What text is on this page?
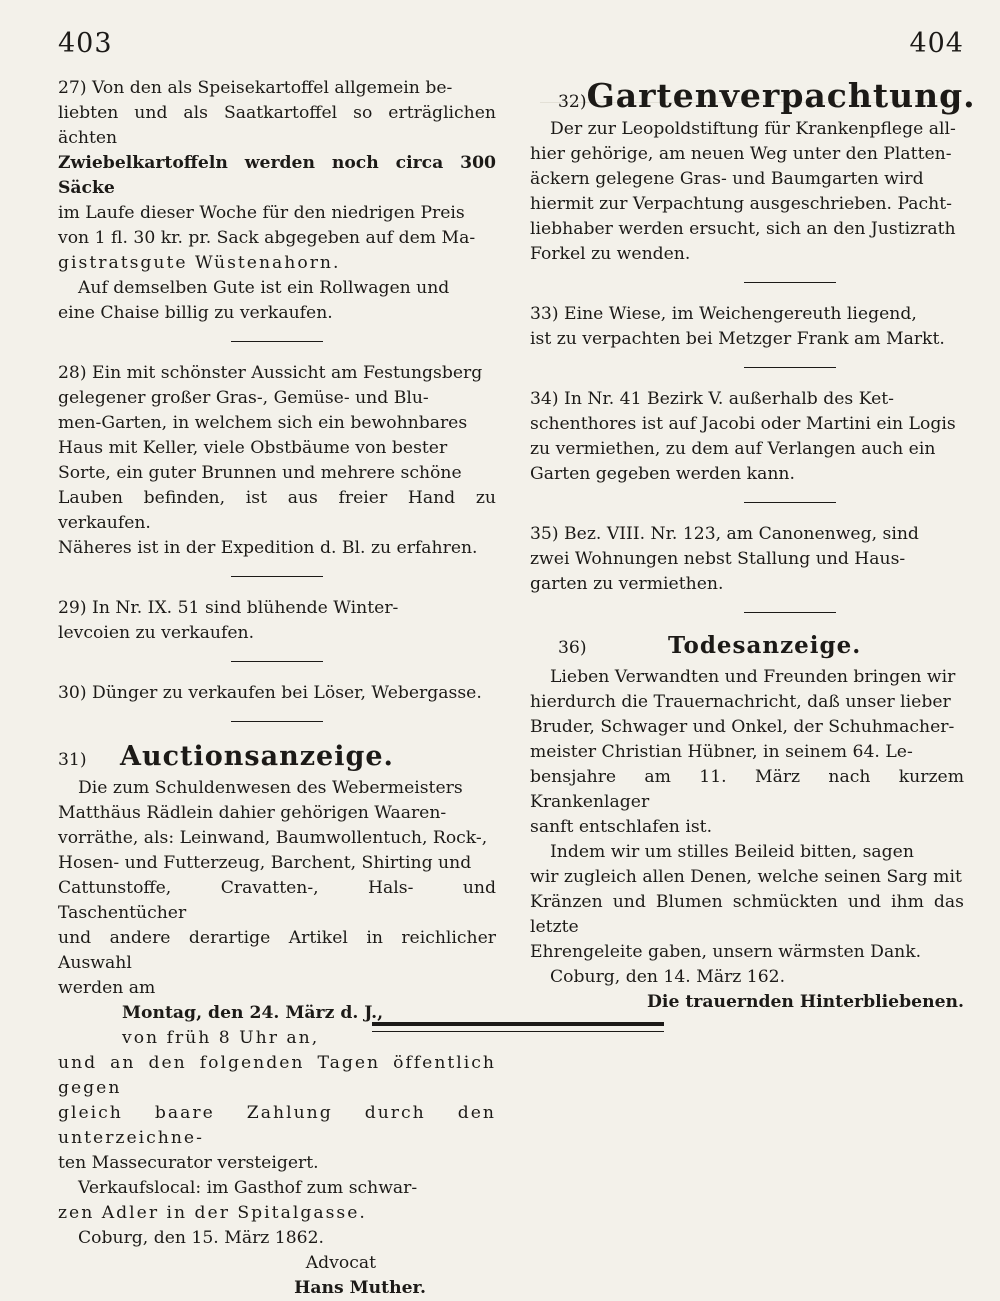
403	404

27) Von den als Speisekartoffel allgemein be-

liebten und als Saatkartoffel so erträglichen ächten

Zwiebelkartoffeln werden noch circa 300 Säcke

im Laufe dieser Woche für den niedrigen Preis

von 1 fl. 30 kr. pr. Sack abgegeben auf dem Ma-

gistratsgute Wüstenahorn.

Auf demselben Gute ist ein Rollwagen und

eine Chaise billig zu verkaufen.

28) Ein mit schönster Aussicht am Festungsberg

gelegener großer Gras-, Gemüse- und Blu-

men-Garten, in welchem sich ein bewohnbares

Haus mit Keller, viele Obstbäume von bester

Sorte, ein guter Brunnen und mehrere schöne

Lauben befinden, ist aus freier Hand zu verkaufen.

Näheres ist in der Expedition d. Bl. zu erfahren.

29) In Nr. IX. 51 sind blühende Winter-

levcoien zu verkaufen.

30) Dünger zu verkaufen bei Löser, Webergasse.

31)	Auctionsanzeige.

Die zum Schuldenwesen des Webermeisters

Matthäus Rädlein dahier gehörigen Waaren-

vorräthe, als: Leinwand, Baumwollentuch, Rock-,

Hosen- und Futterzeug, Barchent, Shirting und

Cattunstoffe, Cravatten-, Hals- und Taschentücher

und andere derartige Artikel in reichlicher Auswahl

werden am

Montag, den 24. März d. J.,

von früh 8 Uhr an,

und an den folgenden Tagen öffentlich gegen

gleich baare Zahlung durch den unterzeichne-

ten Massecurator versteigert.

Verkaufslocal: im Gasthof zum schwar-

zen Adler in der Spitalgasse.

Coburg, den 15. März 1862.

Advocat

Hans Muther.

32) Gartenverpachtung.

Der zur Leopoldstiftung für Krankenpflege all-

hier gehörige, am neuen Weg unter den Platten-

äckern gelegene Gras- und Baumgarten wird

hiermit zur Verpachtung ausgeschrieben. Pacht-

liebhaber werden ersucht, sich an den Justizrath

Forkel zu wenden.

33) Eine Wiese, im Weichengereuth liegend,

ist zu verpachten bei Metzger Frank am Markt.

34) In Nr. 41 Bezirk V. außerhalb des Ket-

schenthores ist auf Jacobi oder Martini ein Logis

zu vermiethen, zu dem auf Verlangen auch ein

Garten gegeben werden kann.

35) Bez. VIII. Nr. 123, am Canonenweg, sind

zwei Wohnungen nebst Stallung und Haus-

garten zu vermiethen.

36)	Todesanzeige.

Lieben Verwandten und Freunden bringen wir

hierdurch die Trauernachricht, daß unser lieber

Bruder, Schwager und Onkel, der Schuhmacher-

meister Christian Hübner, in seinem 64. Le-

bensjahre am 11. März nach kurzem Krankenlager

sanft entschlafen ist.

Indem wir um stilles Beileid bitten, sagen

wir zugleich allen Denen, welche seinen Sarg mit

Kränzen und Blumen schmückten und ihm das letzte

Ehrengeleite gaben, unsern wärmsten Dank.

Coburg, den 14. März 162.

Die trauernden Hinterbliebenen.
